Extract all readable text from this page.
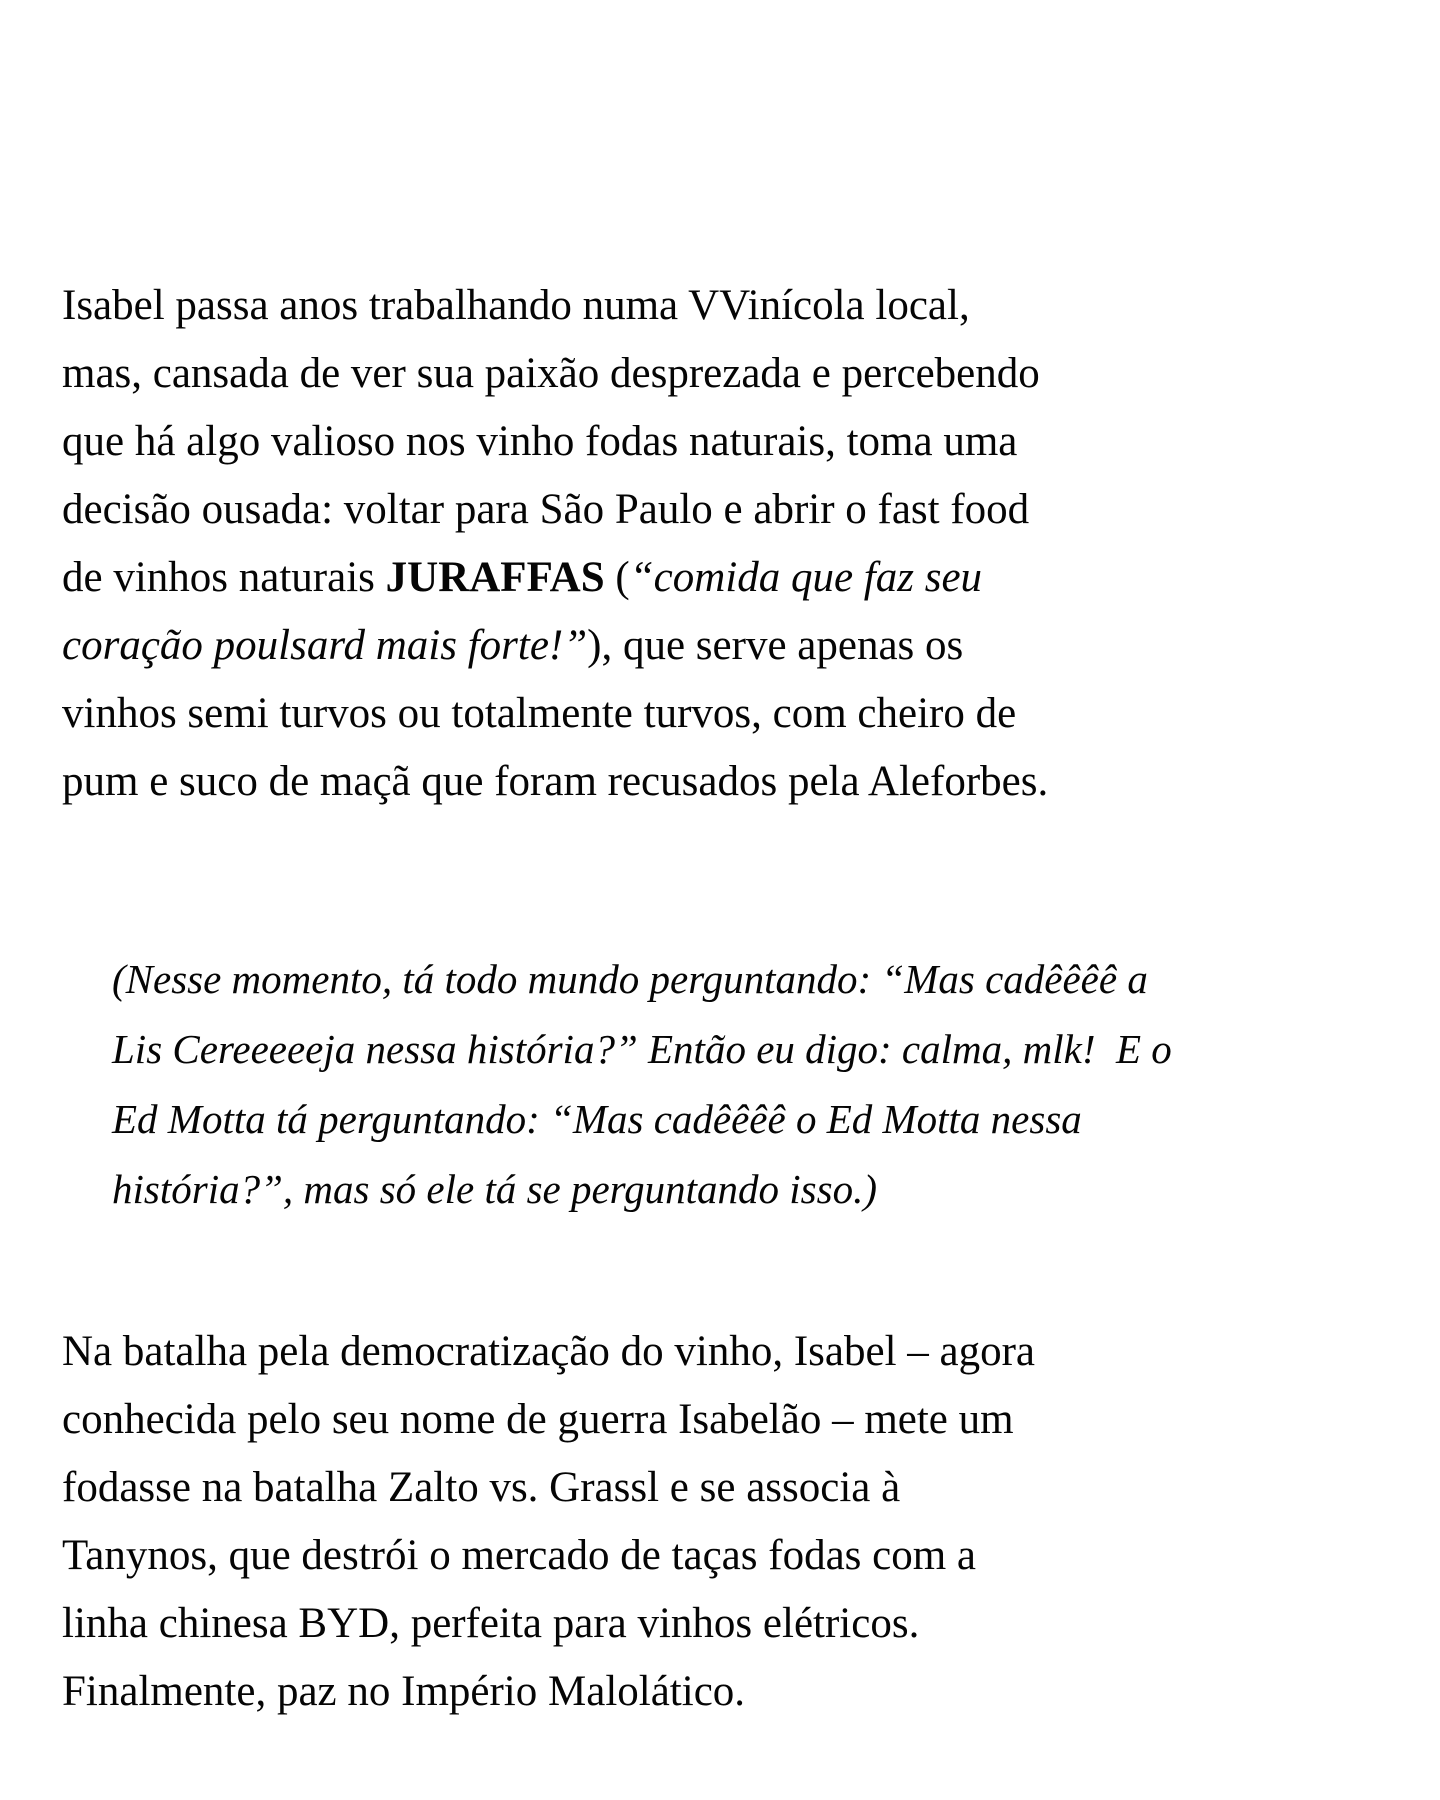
Isabel passa anos trabalhando numa VVinícola local,
mas, cansada de ver sua paixão desprezada e percebendo
que há algo valioso nos vinho fodas naturais, toma uma
decisão ousada: voltar para São Paulo e abrir o fast food
de vinhos naturais JURAFFAS (“comida que faz seu
coração poulsard mais forte!”), que serve apenas os
vinhos semi turvos ou totalmente turvos, com cheiro de
pum e suco de maçã que foram recusados pela Aleforbes.
(Nesse momento, tá todo mundo perguntando: “Mas cadêêêê a
Lis Cereeeeeja nessa história?” Então eu digo: calma, mlk!  E o
Ed Motta tá perguntando: “Mas cadêêêê o Ed Motta nessa
história?”, mas só ele tá se perguntando isso.)
Na batalha pela democratização do vinho, Isabel – agora
conhecida pelo seu nome de guerra Isabelão – mete um
fodasse na batalha Zalto vs. Grassl e se associa à
Tanynos, que destrói o mercado de taças fodas com a
linha chinesa BYD, perfeita para vinhos elétricos.
Finalmente, paz no Império Malolático.
